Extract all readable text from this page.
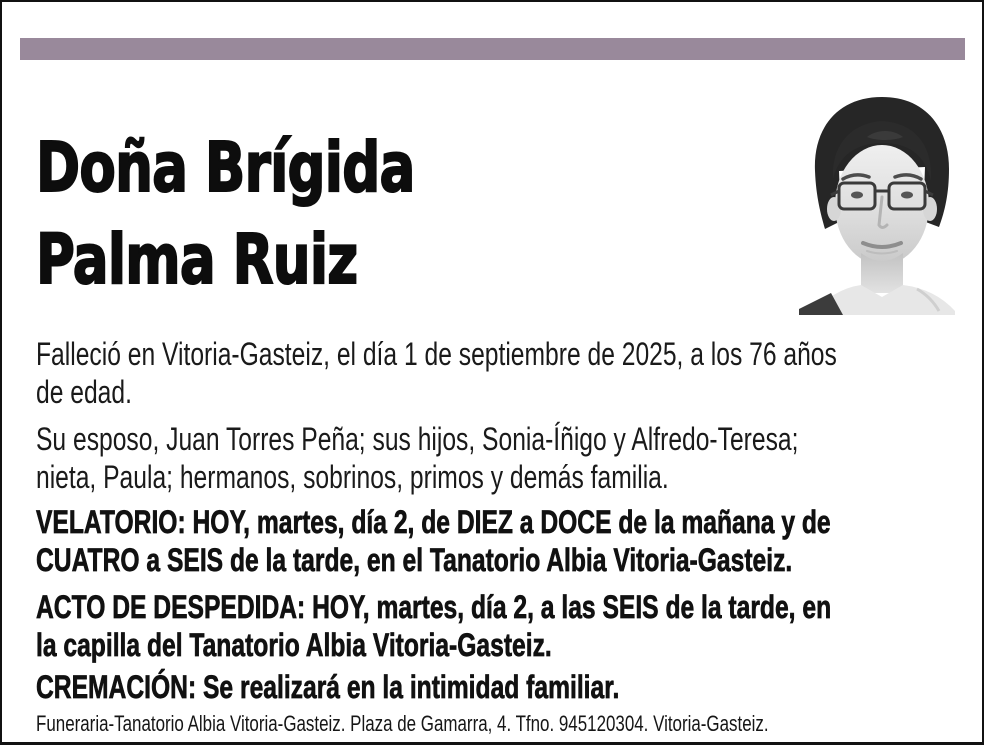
Doña Brígida
Palma Ruiz
Falleció en Vitoria-Gasteiz, el día 1 de septiembre de 2025, a los 76 años
de edad.
Su esposo, Juan Torres Peña; sus hijos, Sonia-Íñigo y Alfredo-Teresa;
nieta, Paula; hermanos, sobrinos, primos y demás familia.
VELATORIO: HOY, martes, día 2, de DIEZ a DOCE de la mañana y de
CUATRO a SEIS de la tarde, en el Tanatorio Albia Vitoria-Gasteiz.
ACTO DE DESPEDIDA: HOY, martes, día 2, a las SEIS de la tarde, en
la capilla del Tanatorio Albia Vitoria-Gasteiz.
CREMACIÓN: Se realizará en la intimidad familiar.
Funeraria-Tanatorio Albia Vitoria-Gasteiz. Plaza de Gamarra, 4. Tfno. 945120304. Vitoria-Gasteiz.
